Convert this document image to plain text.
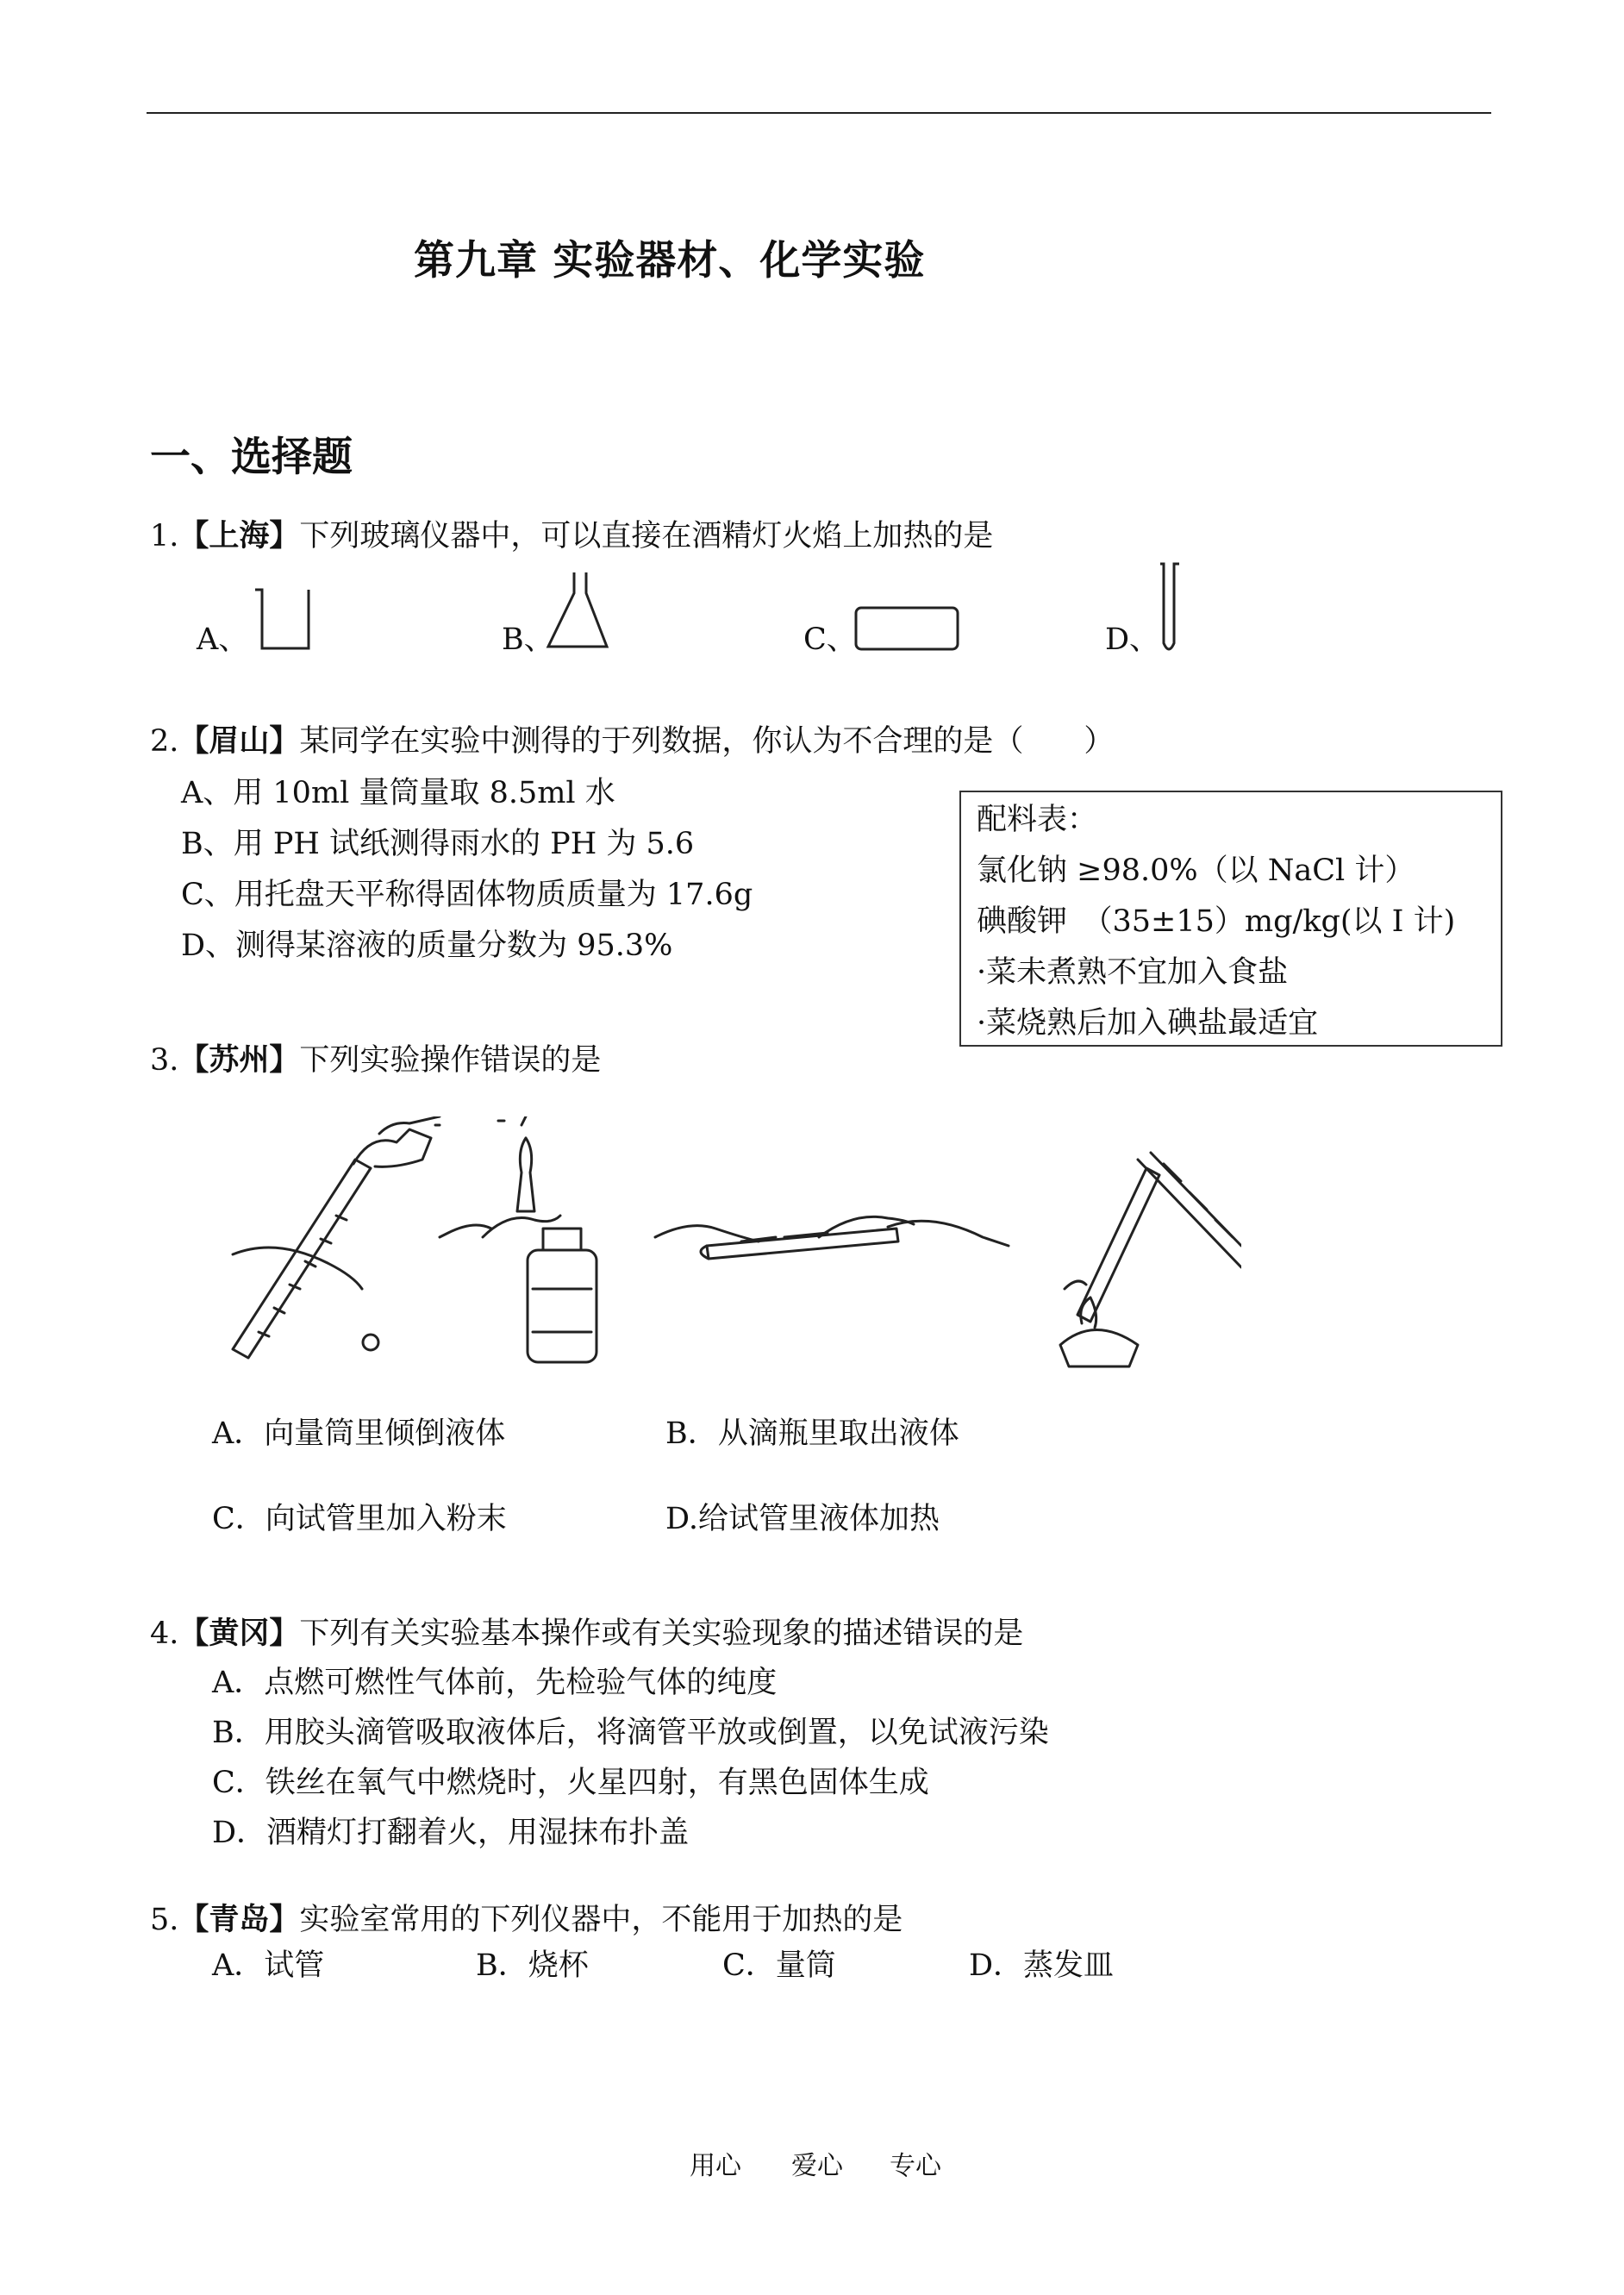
第九章 实验器材、化学实验
一、选择题
1.【上海】下列玻璃仪器中，可以直接在酒精灯火焰上加热的是
A、	B、	C、	D、
2.【眉山】某同学在实验中测得的于列数据，你认为不合理的是（　　）
A、用 10ml 量筒量取 8.5ml 水
B、用 PH 试纸测得雨水的 PH 为 5.6
C、用托盘天平称得固体物质质量为 17.6g
D、测得某溶液的质量分数为 95.3%
配料表：
氯化钠 ≥98.0%（以 NaCl 计）
碘酸钾　（35±15）mg/kg(以 I 计)
·菜未煮熟不宜加入食盐
·菜烧熟后加入碘盐最适宜
3.【苏州】下列实验操作错误的是
A．向量筒里倾倒液体	B．从滴瓶里取出液体
C．向试管里加入粉末	D.给试管里液体加热
4.【黄冈】下列有关实验基本操作或有关实验现象的描述错误的是
A．点燃可燃性气体前，先检验气体的纯度
B．用胶头滴管吸取液体后，将滴管平放或倒置，以免试液污染
C．铁丝在氧气中燃烧时，火星四射，有黑色固体生成
D．酒精灯打翻着火，用湿抹布扑盖
5.【青岛】实验室常用的下列仪器中，不能用于加热的是
A．试管	B．烧杯	C．量筒	D．蒸发皿
用心 爱心 专心
